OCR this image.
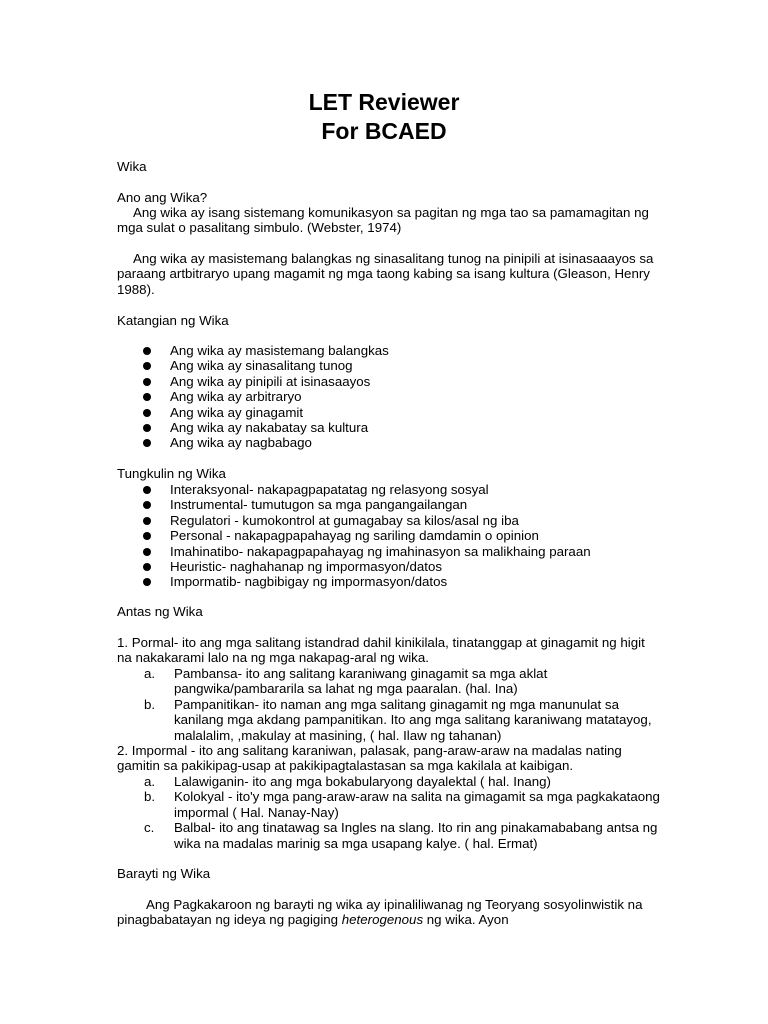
LET Reviewer
For BCAED

Wika

Ano ang Wika?

Ang wika ay isang sistemang komunikasyon sa pagitan ng mga tao sa pamamagitan ng mga sulat o pasalitang simbulo. (Webster, 1974)

Ang wika ay masistemang balangkas ng sinasalitang tunog na pinipili at isinasaaayos sa paraang artbitraryo upang magamit ng mga taong kabing sa isang kultura (Gleason, Henry 1988).

Katangian ng Wika

Ang wika ay masistemang balangkas
Ang wika ay sinasalitang tunog
Ang wika ay pinipili at isinasaayos
Ang wika ay arbitraryo
Ang wika ay ginagamit
Ang wika ay nakabatay sa kultura
Ang wika ay nagbabago

Tungkulin ng Wika

Interaksyonal- nakapagpapatatag ng relasyong sosyal
Instrumental- tumutugon sa mga pangangailangan
Regulatori - kumokontrol at gumagabay sa kilos/asal ng iba
Personal - nakapagpapahayag ng sariling damdamin o opinion
Imahinatibo- nakapagpapahayag ng imahinasyon sa malikhaing paraan
Heuristic- naghahanap ng impormasyon/datos
Impormatib- nagbibigay ng impormasyon/datos

Antas ng Wika

1. Pormal- ito ang mga salitang istandrad dahil kinikilala, tinatanggap at ginagamit ng higit na nakakarami lalo na ng mga nakapag-aral ng wika.

a. Pambansa- ito ang salitang karaniwang ginagamit sa mga aklat pangwika/pambararila sa lahat ng mga paaralan. (hal. Ina)
b. Pampanitikan- ito naman ang mga salitang ginagamit ng mga manunulat sa kanilang mga akdang pampanitikan. Ito ang mga salitang karaniwang matatayog, malalalim, ,makulay at masining, ( hal. Ilaw ng tahanan)

2. Impormal - ito ang salitang karaniwan, palasak, pang-araw-araw na madalas nating gamitin sa pakikipag-usap at pakikipagtalastasan sa mga kakilala at kaibigan.

a. Lalawiganin- ito ang mga bokabularyong dayalektal ( hal. Inang)
b. Kolokyal - ito'y mga pang-araw-araw na salita na gimagamit sa mga pagkakataong impormal ( Hal. Nanay-Nay)
c. Balbal- ito ang tinatawag sa Ingles na slang. Ito rin ang pinakamababang antsa ng wika na madalas marinig sa mga usapang kalye. ( hal. Ermat)

Barayti ng Wika

Ang Pagkakaroon ng barayti ng wika ay ipinaliliwanag ng Teoryang sosyolinwistik na pinagbabatayan ng ideya ng pagiging heterogenous ng wika. Ayon
